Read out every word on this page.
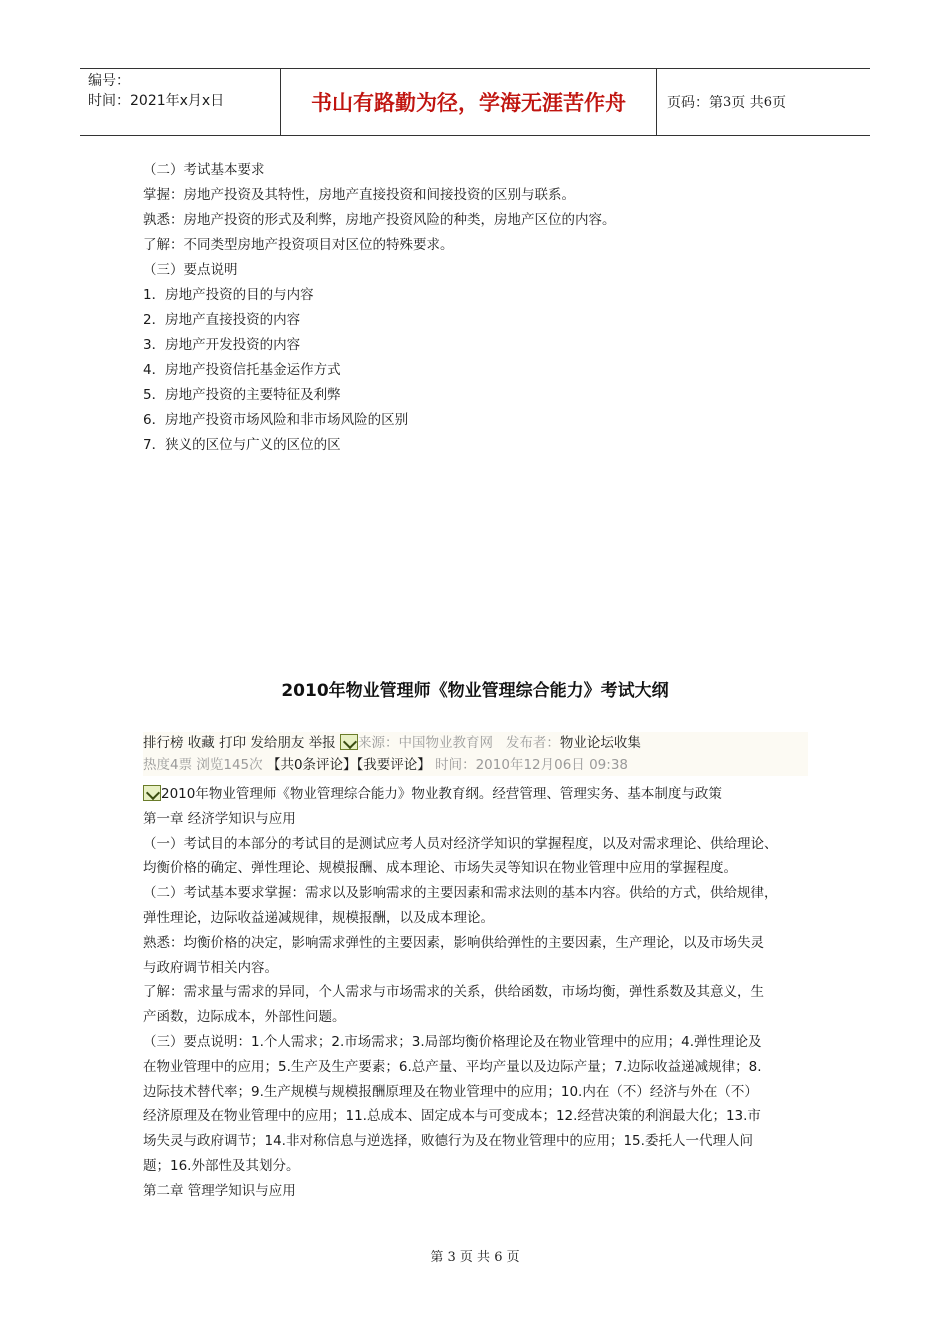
编号：
时间：2021年x月x日	书山有路勤为径，学海无涯苦作舟	页码：第 3 页 共 6 页
（二）考试基本要求
掌握：房地产投资及其特性，房地产直接投资和间接投资的区别与联系。
孰悉：房地产投资的形式及利弊，房地产投资风险的种类，房地产区位的内容。
了解：不同类型房地产投资项目对区位的特殊要求。
（三）要点说明
1．房地产投资的目的与内容
2．房地产直接投资的内容
3．房地产开发投资的内容
4．房地产投资信托基金运作方式
5．房地产投资的主要特征及利弊
6．房地产投资市场风险和非市场风险的区别
7．狭义的区位与广义的区位的区
2010年物业管理师《物业管理综合能力》考试大纲
排行榜 收藏 打印 发给朋友 举报 来源：中国物业教育网 发布者：物业论坛收集
热度4票 浏览145次 【共0条评论】【我要评论】 时间：2010年12月06日 09:38
2010年物业管理师《物业管理综合能力》物业教育纲。经营管理、管理实务、基本制度与政策
第一章 经济学知识与应用
（一）考试目的本部分的考试目的是测试应考人员对经济学知识的掌握程度，以及对需求理论、供给理论、
均衡价格的确定、弹性理论、规模报酬、成本理论、市场失灵等知识在物业管理中应用的掌握程度。
（二）考试基本要求掌握：需求以及影响需求的主要因素和需求法则的基本内容。供给的方式，供给规律，
弹性理论，边际收益递减规律，规模报酬，以及成本理论。
熟悉：均衡价格的决定，影响需求弹性的主要因素，影响供给弹性的主要因素，生产理论，以及市场失灵
与政府调节相关内容。
了解：需求量与需求的异同，个人需求与市场需求的关系，供给函数，市场均衡，弹性系数及其意义，生
产函数，边际成本，外部性问题。
（三）要点说明：1.个人需求；2.市场需求；3.局部均衡价格理论及在物业管理中的应用；4.弹性理论及
在物业管理中的应用；5.生产及生产要素；6.总产量、平均产量以及边际产量；7.边际收益递减规律；8.
边际技术替代率；9.生产规模与规模报酬原理及在物业管理中的应用；10.内在（不）经济与外在（不）
经济原理及在物业管理中的应用；11.总成本、固定成本与可变成本；12.经营决策的利润最大化；13.市
场失灵与政府调节；14.非对称信息与逆选择，败德行为及在物业管理中的应用；15.委托人一代理人问
题；16.外部性及其划分。
第二章 管理学知识与应用
第 3 页 共 6 页
